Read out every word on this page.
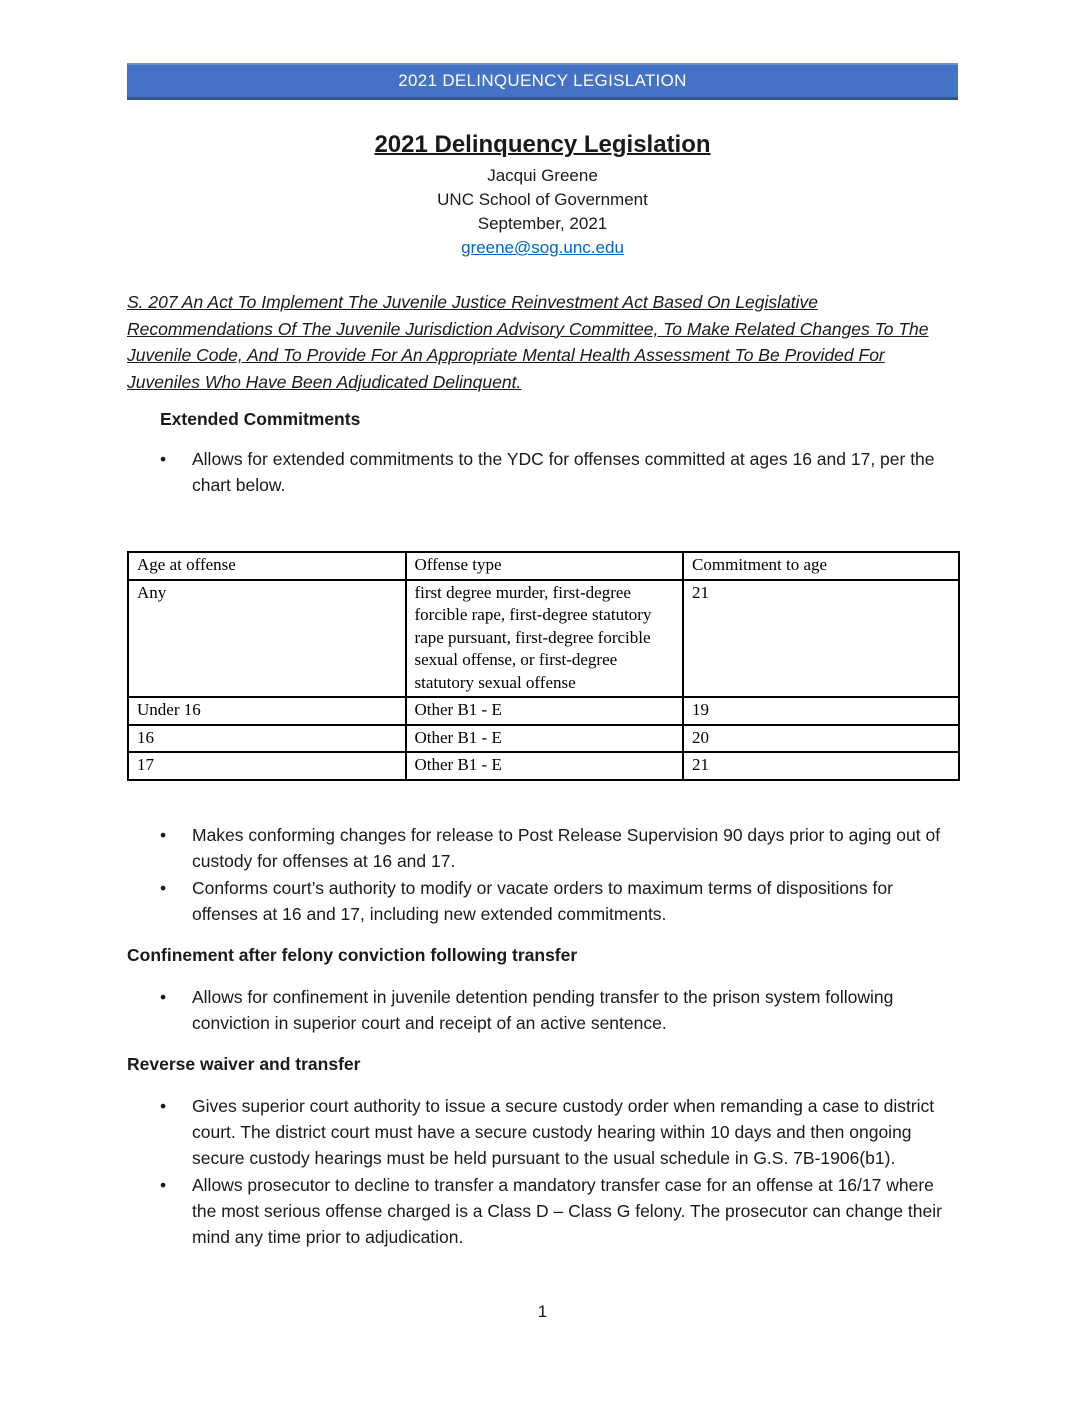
2021 DELINQUENCY LEGISLATION
2021 Delinquency Legislation
Jacqui Greene
UNC School of Government
September, 2021
greene@sog.unc.edu
S. 207 An Act To Implement The Juvenile Justice Reinvestment Act Based On Legislative Recommendations Of The Juvenile Jurisdiction Advisory Committee, To Make Related Changes To The Juvenile Code, And To Provide For An Appropriate Mental Health Assessment To Be Provided For Juveniles Who Have Been Adjudicated Delinquent.
Extended Commitments
• Allows for extended commitments to the YDC for offenses committed at ages 16 and 17, per the chart below.
Age at offense	Offense type	Commitment to age
Any	first degree murder, first-degree forcible rape, first-degree statutory rape pursuant, first-degree forcible sexual offense, or first-degree statutory sexual offense	21
Under 16	Other B1 - E	19
16	Other B1 - E	20
17	Other B1 - E	21
• Makes conforming changes for release to Post Release Supervision 90 days prior to aging out of custody for offenses at 16 and 17.
• Conforms court’s authority to modify or vacate orders to maximum terms of dispositions for offenses at 16 and 17, including new extended commitments.
Confinement after felony conviction following transfer
• Allows for confinement in juvenile detention pending transfer to the prison system following conviction in superior court and receipt of an active sentence.
Reverse waiver and transfer
• Gives superior court authority to issue a secure custody order when remanding a case to district court. The district court must have a secure custody hearing within 10 days and then ongoing secure custody hearings must be held pursuant to the usual schedule in G.S. 7B-1906(b1).
• Allows prosecutor to decline to transfer a mandatory transfer case for an offense at 16/17 where the most serious offense charged is a Class D – Class G felony. The prosecutor can change their mind any time prior to adjudication.
1
